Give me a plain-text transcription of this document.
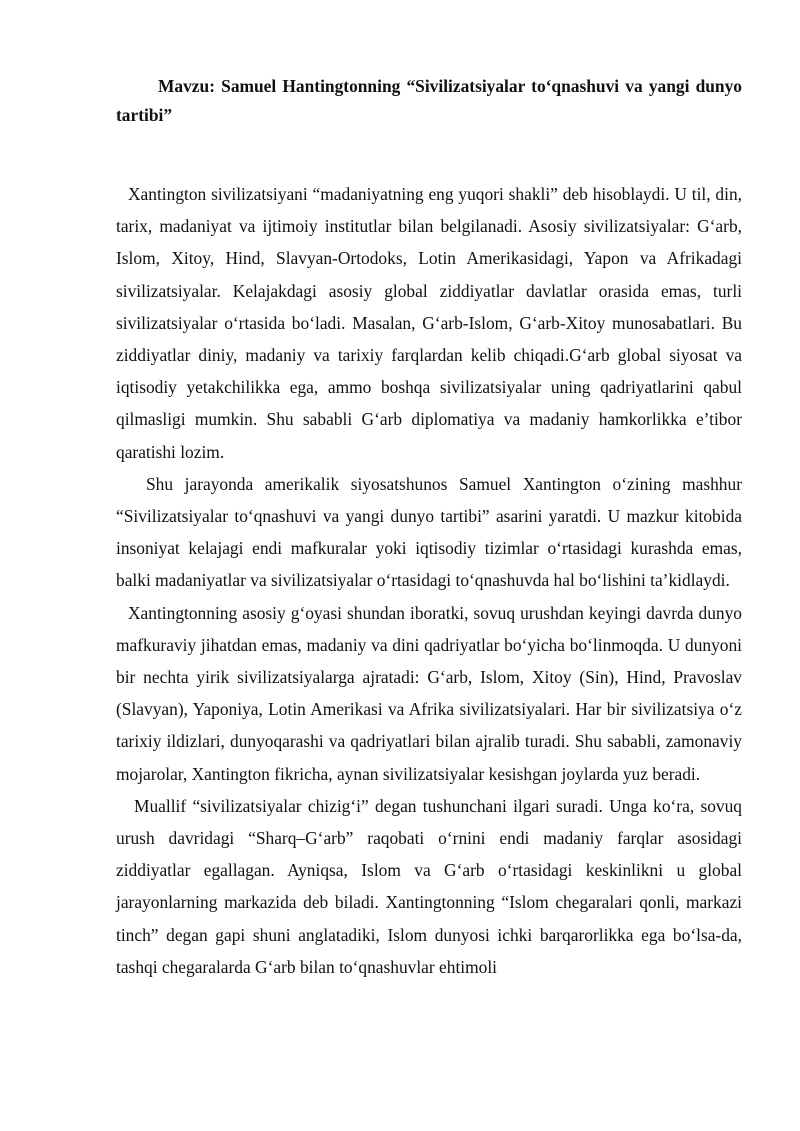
Mavzu: Samuel Hantingtonning “Sivilizatsiyalar to‘qnashuvi va yangi dunyo tartibi”

Xantington sivilizatsiyani “madaniyatning eng yuqori shakli” deb hisoblaydi. U til, din, tarix, madaniyat va ijtimoiy institutlar bilan belgilanadi. Asosiy sivilizatsiyalar: G‘arb, Islom, Xitoy, Hind, Slavyan-Ortodoks, Lotin Amerikasidagi, Yapon va Afrikadagi sivilizatsiyalar. Kelajakdagi asosiy global ziddiyatlar davlatlar orasida emas, turli sivilizatsiyalar o‘rtasida bo‘ladi. Masalan, G‘arb-Islom, G‘arb-Xitoy munosabatlari. Bu ziddiyatlar diniy, madaniy va tarixiy farqlardan kelib chiqadi.G‘arb global siyosat va iqtisodiy yetakchilikka ega, ammo boshqa sivilizatsiyalar uning qadriyatlarini qabul qilmasligi mumkin. Shu sababli G‘arb diplomatiya va madaniy hamkorlikka e’tibor qaratishi lozim.

Shu jarayonda amerikalik siyosatshunos Samuel Xantington o‘zining mashhur “Sivilizatsiyalar to‘qnashuvi va yangi dunyo tartibi” asarini yaratdi. U mazkur kitobida insoniyat kelajagi endi mafkuralar yoki iqtisodiy tizimlar o‘rtasidagi kurashda emas, balki madaniyatlar va sivilizatsiyalar o‘rtasidagi to‘qnashuvda hal bo‘lishini ta’kidlaydi.

Xantingtonning asosiy g‘oyasi shundan iboratki, sovuq urushdan keyingi davrda dunyo mafkuraviy jihatdan emas, madaniy va dini qadriyatlar bo‘yicha bo‘linmoqda. U dunyoni bir nechta yirik sivilizatsiyalarga ajratadi: G‘arb, Islom, Xitoy (Sin), Hind, Pravoslav (Slavyan), Yaponiya, Lotin Amerikasi va Afrika sivilizatsiyalari. Har bir sivilizatsiya o‘z tarixiy ildizlari, dunyoqarashi va qadriyatlari bilan ajralib turadi. Shu sababli, zamonaviy mojarolar, Xantington fikricha, aynan sivilizatsiyalar kesishgan joylarda yuz beradi.

Muallif “sivilizatsiyalar chizig‘i” degan tushunchani ilgari suradi. Unga ko‘ra, sovuq urush davridagi “Sharq–G‘arb” raqobati o‘rnini endi madaniy farqlar asosidagi ziddiyatlar egallagan. Ayniqsa, Islom va G‘arb o‘rtasidagi keskinlikni u global jarayonlarning markazida deb biladi. Xantingtonning “Islom chegaralari qonli, markazi tinch” degan gapi shuni anglatadiki, Islom dunyosi ichki barqarorlikka ega bo‘lsa-da, tashqi chegaralarda G‘arb bilan to‘qnashuvlar ehtimoli
